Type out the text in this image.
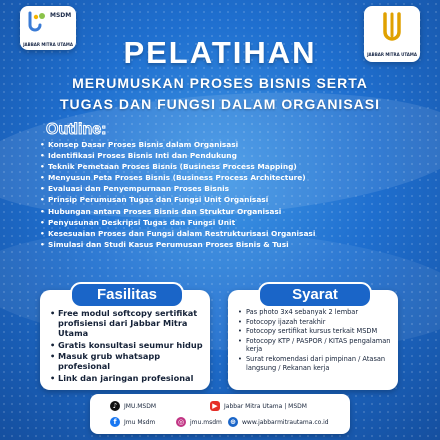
MSDM
JABBAR MITRA UTAMA
JABBAR MITRA UTAMA
PELATIHAN
MERUMUSKAN PROSES BISNIS SERTA
TUGAS DAN FUNGSI DALAM ORGANISASI
Outline:
• Konsep Dasar Proses Bisnis dalam Organisasi
• Identifikasi Proses Bisnis Inti dan Pendukung
• Teknik Pemetaan Proses Bisnis (Business Process Mapping)
• Menyusun Peta Proses Bisnis (Business Process Architecture)
• Evaluasi dan Penyempurnaan Proses Bisnis
• Prinsip Perumusan Tugas dan Fungsi Unit Organisasi
• Hubungan antara Proses Bisnis dan Struktur Organisasi
• Penyusunan Deskripsi Tugas dan Fungsi Unit
• Kesesuaian Proses dan Fungsi dalam Restrukturisasi Organisasi
• Simulasi dan Studi Kasus Perumusan Proses Bisnis & Tusi
• Free modul softcopy sertifikat profisiensi dari Jabbar Mitra Utama
• Gratis konsultasi seumur hidup
• Masuk grub whatsapp profesional
• Link dan jaringan profesional
Fasilitas
• Pas photo 3x4 sebanyak 2 lembar
• Fotocopy ijazah terakhir
• Fotocopy sertifikat kursus terkait MSDM
• Fotocopy KTP / PASPOR / KITAS pengalaman kerja
• Surat rekomendasi dari pimpinan / Atasan langsung / Rekanan kerja
Syarat
♪	JMU.MSDM	▶	Jabbar Mitra Utama | MSDM
f	Jmu Msdm	◎ jmu.msdm ⊕	www.jabbarmitrautama.co.id
